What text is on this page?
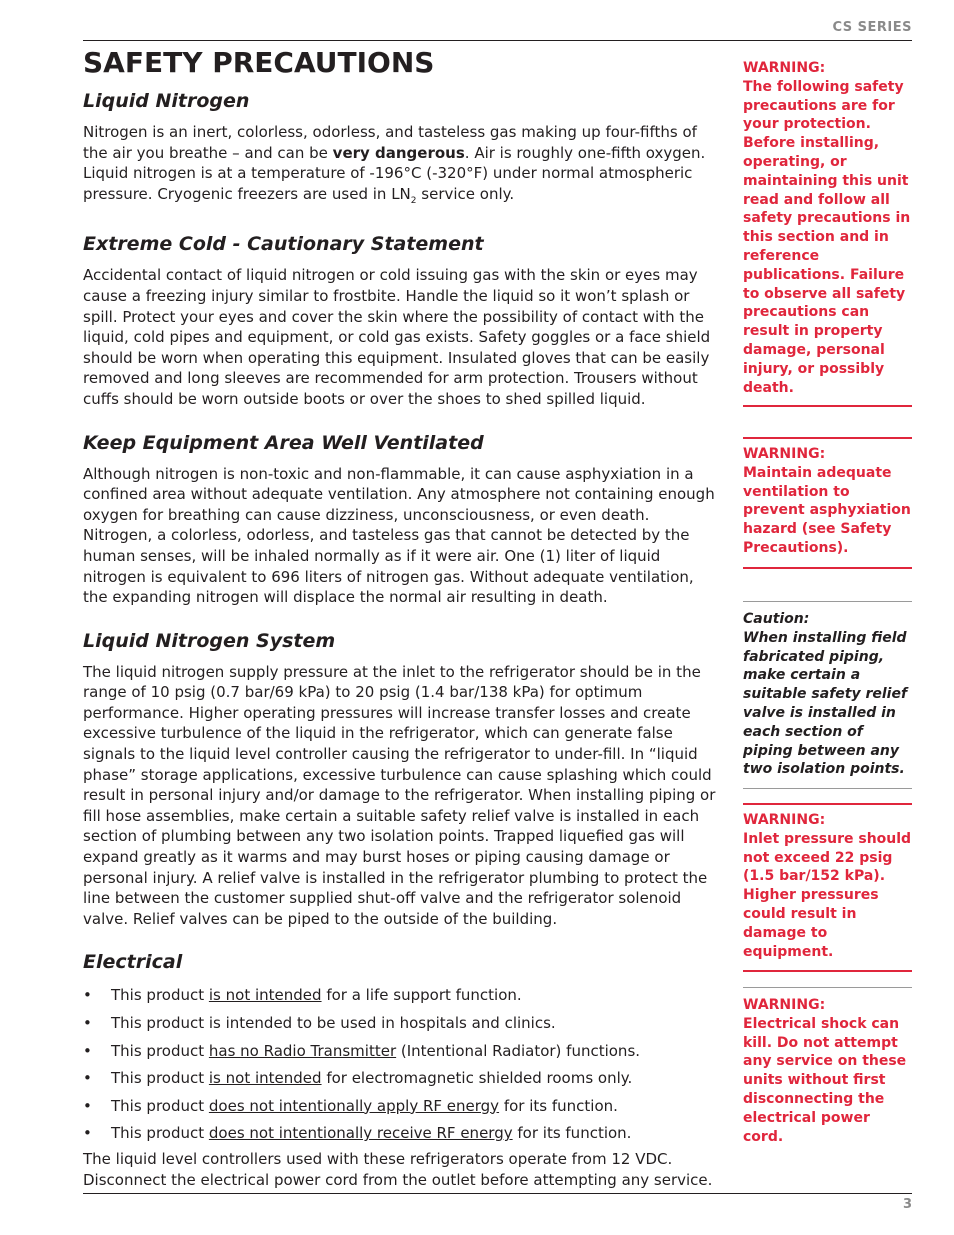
CS SERIES
SAFETY PRECAUTIONS
Liquid Nitrogen

Nitrogen is an inert, colorless, odorless, and tasteless gas making up four-fifths of the air you breathe – and can be very dangerous. Air is roughly one-fifth oxygen. Liquid nitrogen is at a temperature of -196°C (-320°F) under normal atmospheric pressure. Cryogenic freezers are used in $LN_2$ service only.

Extreme Cold - Cautionary Statement

Accidental contact of liquid nitrogen or cold issuing gas with the skin or eyes may cause a freezing injury similar to frostbite. Handle the liquid so it won’t splash or spill. Protect your eyes and cover the skin where the possibility of contact with the liquid, cold pipes and equipment, or cold gas exists. Safety goggles or a face shield should be worn when operating this equipment. Insulated gloves that can be easily removed and long sleeves are recommended for arm protection. Trousers without cuffs should be worn outside boots or over the shoes to shed spilled liquid.

Keep Equipment Area Well Ventilated

Although nitrogen is non-toxic and non-flammable, it can cause asphyxiation in a confined area without adequate ventilation. Any atmosphere not containing enough oxygen for breathing can cause dizziness, unconsciousness, or even death. Nitrogen, a colorless, odorless, and tasteless gas that cannot be detected by the human senses, will be inhaled normally as if it were air. One (1) liter of liquid nitrogen is equivalent to 696 liters of nitrogen gas. Without adequate ventilation, the expanding nitrogen will displace the normal air resulting in death.

Liquid Nitrogen System

The liquid nitrogen supply pressure at the inlet to the refrigerator should be in the range of 10 psig (0.7 bar/69 kPa) to 20 psig (1.4 bar/138 kPa) for optimum performance. Higher operating pressures will increase transfer losses and create excessive turbulence of the liquid in the refrigerator, which can generate false signals to the liquid level controller causing the refrigerator to under-fill. In “liquid phase” storage applications, excessive turbulence can cause splashing which could result in personal injury and/or damage to the refrigerator. When installing piping or fill hose assemblies, make certain a suitable safety relief valve is installed in each section of plumbing between any two isolation points. Trapped liquefied gas will expand greatly as it warms and may burst hoses or piping causing damage or personal injury. A relief valve is installed in the refrigerator plumbing to protect the line between the customer supplied shut-off valve and the refrigerator solenoid valve. Relief valves can be piped to the outside of the building.

Electrical
• This product is not intended for a life support function.
• This product is intended to be used in hospitals and clinics.
• This product has no Radio Transmitter (Intentional Radiator) functions.
• This product is not intended for electromagnetic shielded rooms only.
• This product does not intentionally apply RF energy for its function.
• This product does not intentionally receive RF energy for its function.

The liquid level controllers used with these refrigerators operate from 12 VDC. Disconnect the electrical power cord from the outlet before attempting any service.

WARNING:
The following safety precautions are for your protection. Before installing, operating, or maintaining this unit read and follow all safety precautions in this section and in reference publications. Failure to observe all safety precautions can result in property damage, personal injury, or possibly death.
WARNING:
Maintain adequate ventilation to prevent asphyxiation hazard (see Safety Precautions).
Caution:
When installing field fabricated piping, make certain a suitable safety relief valve is installed in each section of piping between any two isolation points.
WARNING:
Inlet pressure should not exceed 22 psig (1.5 bar/152 kPa). Higher pressures could result in damage to equipment.
WARNING:
Electrical shock can kill. Do not attempt any service on these units without first disconnecting the electrical power cord.
3
